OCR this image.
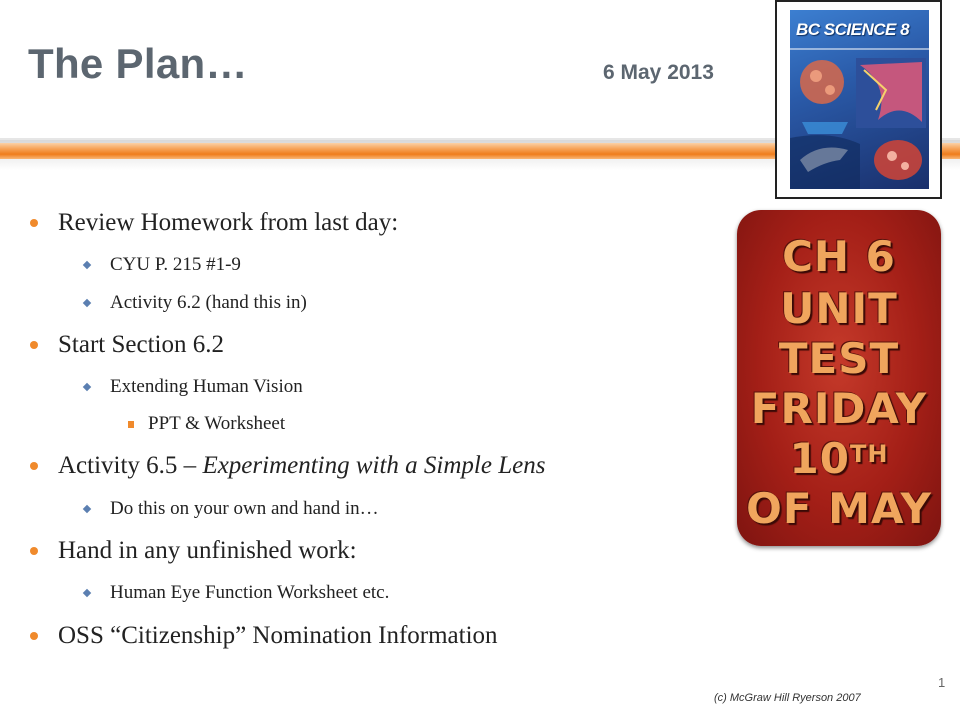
The Plan…	6 May 2013
BC SCIENCE 8
CH 6
UNIT
TEST
FRIDAY
10TH
OF MAY
Review Homework from last day:
CYU P. 215 #1-9
Activity 6.2 (hand this in)
Start Section 6.2
Extending Human Vision
PPT & Worksheet
Activity 6.5 – Experimenting with a Simple Lens
Do this on your own and hand in…
Hand in any unfinished work:
Human Eye Function Worksheet etc.
OSS “Citizenship” Nomination Information
1
(c) McGraw Hill Ryerson 2007
